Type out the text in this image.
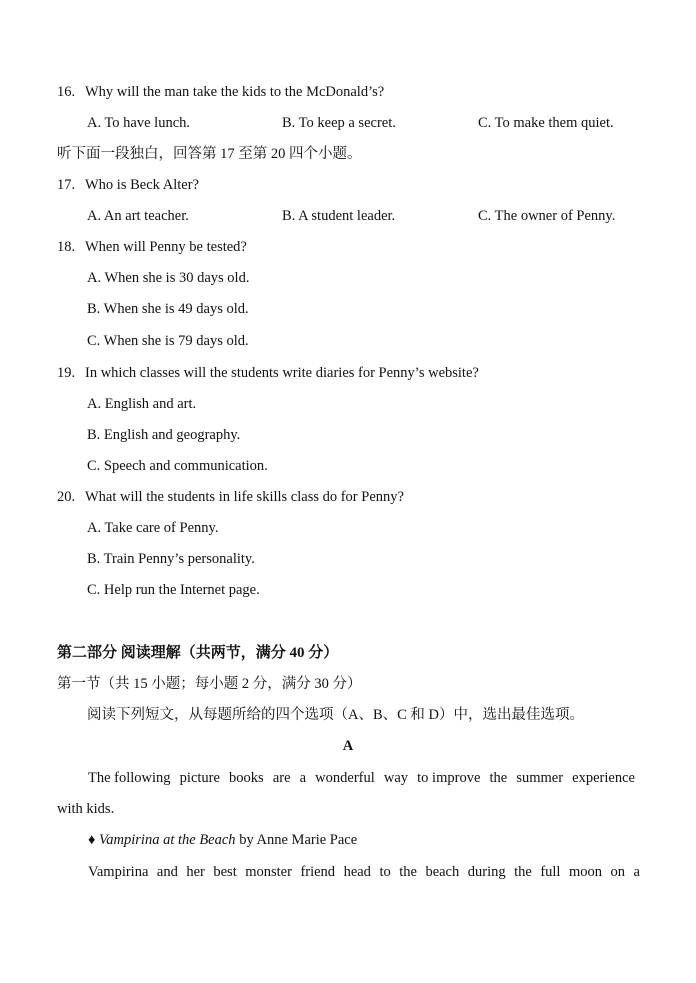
16. Why will the man take the kids to the McDonald’s?
A. To have lunch.	B. To keep a secret.	C. To make them quiet.
听下面一段独白，回答第 17 至第 20 四个小题。
17. Who is Beck Alter?
A. An art teacher.	B. A student leader.	C. The owner of Penny.
18. When will Penny be tested?
A. When she is 30 days old.
B. When she is 49 days old.
C. When she is 79 days old.
19. In which classes will the students write diaries for Penny’s website?
A. English and art.
B. English and geography.
C. Speech and communication.
20. What will the students in life skills class do for Penny?
A. Take care of Penny.
B. Train Penny’s personality.
C. Help run the Internet page.
第二部分 阅读理解（共两节，满分 40 分）
第一节（共 15 小题；每小题 2 分，满分 30 分）
阅读下列短文，从每题所给的四个选项（A、B、C 和 D）中，选出最佳选项。
A
The following picture books are a wonderful way to improve the summer experience
with kids.
♦ Vampirina at the Beach by Anne Marie Pace
Vampirina and her best monster friend head to the beach during the full moon on a
